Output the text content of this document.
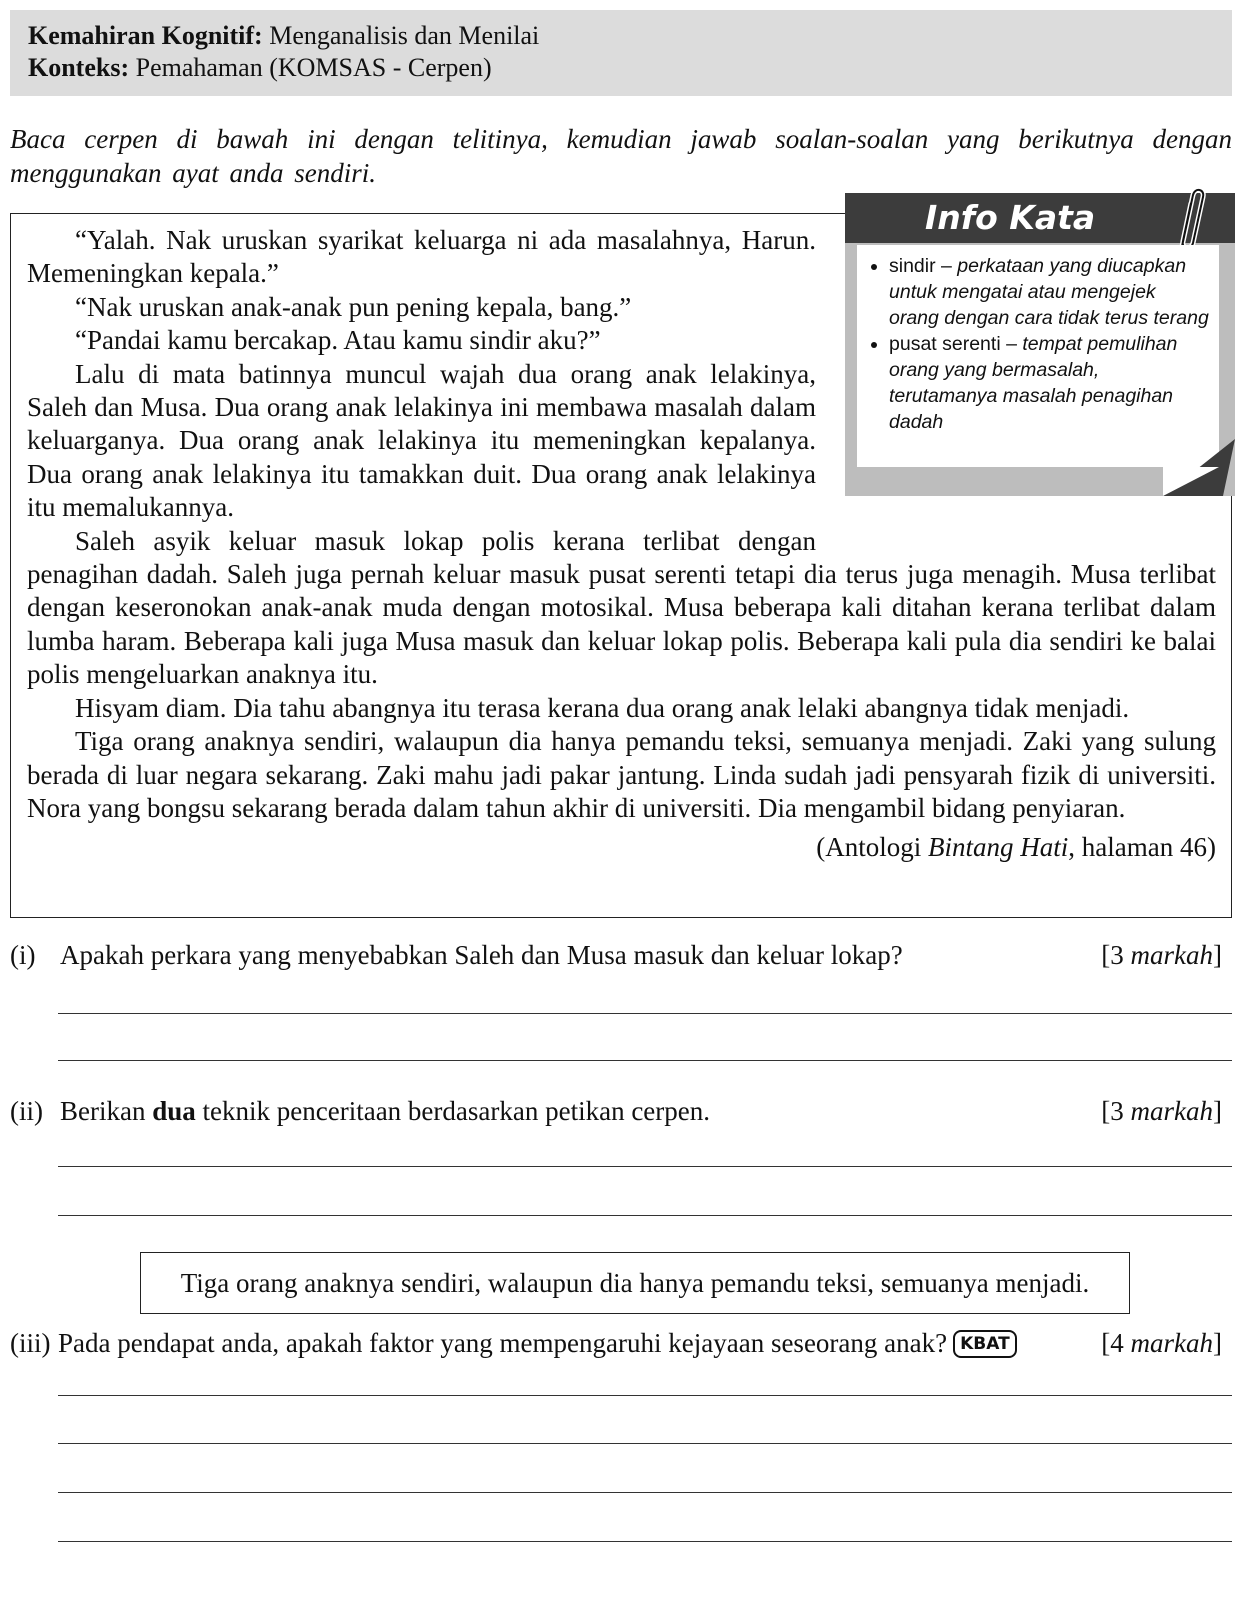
Kemahiran Kognitif: Menganalisis dan Menilai
Konteks: Pemahaman (KOMSAS - Cerpen)
Baca cerpen di bawah ini dengan telitinya, kemudian jawab soalan-soalan yang berikutnya dengan menggunakan ayat anda sendiri.

“Yalah. Nak uruskan syarikat keluarga ni ada masalahnya, Harun. Memeningkan kepala.”

“Nak uruskan anak-anak pun pening kepala, bang.”

“Pandai kamu bercakap. Atau kamu sindir aku?”

Lalu di mata batinnya muncul wajah dua orang anak lelakinya, Saleh dan Musa. Dua orang anak lelakinya ini membawa masalah dalam keluarganya. Dua orang anak lelakinya itu memeningkan kepalanya. Dua orang anak lelakinya itu tamakkan duit. Dua orang anak lelakinya itu memalukannya.

Saleh asyik keluar masuk lokap polis kerana terlibat dengan

penagihan dadah. Saleh juga pernah keluar masuk pusat serenti tetapi dia terus juga menagih. Musa terlibat dengan keseronokan anak-anak muda dengan motosikal. Musa beberapa kali ditahan kerana terlibat dalam lumba haram. Beberapa kali juga Musa masuk dan keluar lokap polis. Beberapa kali pula dia sendiri ke balai polis mengeluarkan anaknya itu.

Hisyam diam. Dia tahu abangnya itu terasa kerana dua orang anak lelaki abangnya tidak menjadi.

Tiga orang anaknya sendiri, walaupun dia hanya pemandu teksi, semuanya menjadi. Zaki yang sulung berada di luar negara sekarang. Zaki mahu jadi pakar jantung. Linda sudah jadi pensyarah fizik di universiti. Nora yang bongsu sekarang berada dalam tahun akhir di universiti. Dia mengambil bidang penyiaran.

(Antologi Bintang Hati, halaman 46)
Info Kata
• sindir – perkataan yang diucapkan untuk mengatai atau mengejek orang dengan cara tidak terus terang
• pusat serenti – tempat pemulihan orang yang bermasalah, terutamanya masalah penagihan dadah
(i) Apakah perkara yang menyebabkan Saleh dan Musa masuk dan keluar lokap?	[3 markah]
(ii) Berikan dua teknik penceritaan berdasarkan petikan cerpen.	[3 markah]
Tiga orang anaknya sendiri, walaupun dia hanya pemandu teksi, semuanya menjadi.
(iii) Pada pendapat anda, apakah faktor yang mempengaruhi kejayaan seseorang anak? KBAT	[4 markah]
